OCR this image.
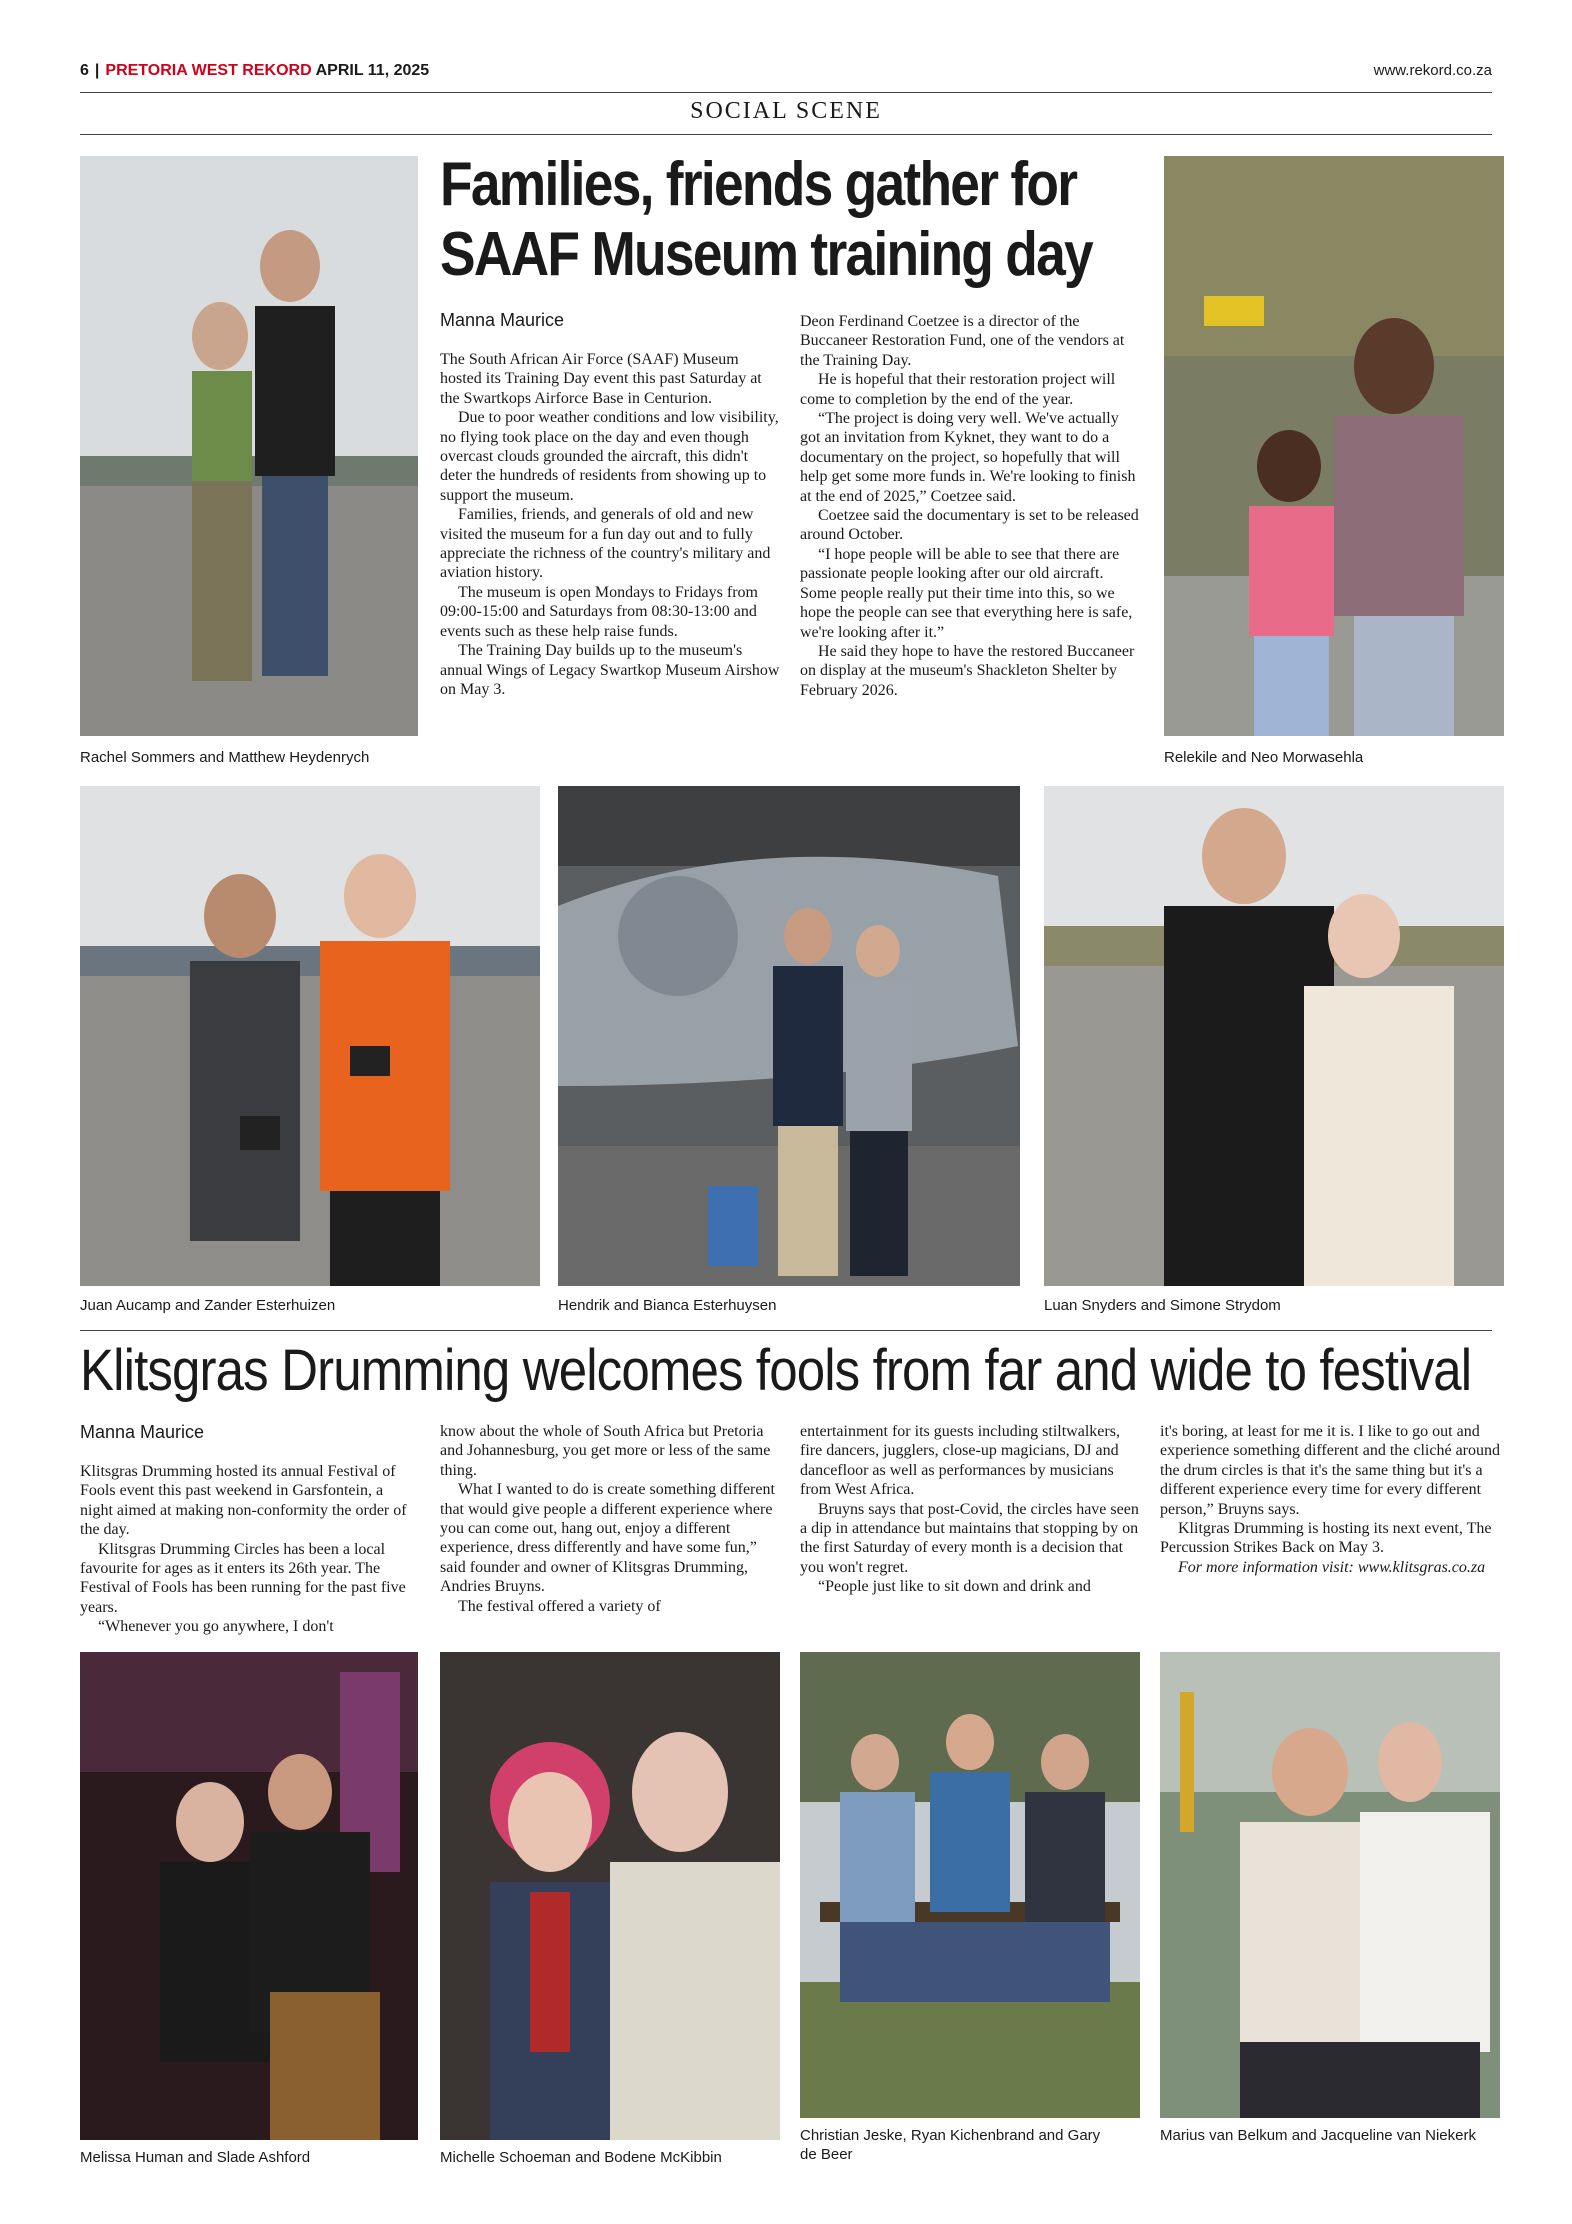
6 | PRETORIA WEST REKORD APRIL 11, 2025	www.rekord.co.za
SOCIAL SCENE
Rachel Sommers and Matthew Heydenrych	Relekile and Neo Morwasehla
Families, friends gather for SAAF Museum training day
Manna Maurice

The South African Air Force (SAAF) Museum hosted its Training Day event this past Saturday at the Swartkops Airforce Base in Centurion.

Due to poor weather conditions and low visibility, no flying took place on the day and even though overcast clouds grounded the aircraft, this didn't deter the hundreds of residents from showing up to support the museum.

Families, friends, and generals of old and new visited the museum for a fun day out and to fully appreciate the richness of the country's military and aviation history.

The museum is open Mondays to Fridays from 09:00-15:00 and Saturdays from 08:30-13:00 and events such as these help raise funds.

The Training Day builds up to the museum's annual Wings of Legacy Swartkop Museum Airshow on May 3.

Deon Ferdinand Coetzee is a director of the Buccaneer Restoration Fund, one of the vendors at the Training Day.

He is hopeful that their restoration project will come to completion by the end of the year.

“The project is doing very well. We've actually got an invitation from Kyknet, they want to do a documentary on the project, so hopefully that will help get some more funds in. We're looking to finish at the end of 2025,” Coetzee said.

Coetzee said the documentary is set to be released around October.

“I hope people will be able to see that there are passionate people looking after our old aircraft. Some people really put their time into this, so we hope the people can see that everything here is safe, we're looking after it.”

He said they hope to have the restored Buccaneer on display at the museum's Shackleton Shelter by February 2026.

Juan Aucamp and Zander Esterhuizen	Hendrik and Bianca Esterhuysen	Luan Snyders and Simone Strydom
Klitsgras Drumming welcomes fools from far and wide to festival
Manna Maurice

Klitsgras Drumming hosted its annual Festival of Fools event this past weekend in Garsfontein, a night aimed at making non-conformity the order of the day.

Klitsgras Drumming Circles has been a local favourite for ages as it enters its 26th year. The Festival of Fools has been running for the past five years.

“Whenever you go anywhere, I don't

know about the whole of South Africa but Pretoria and Johannesburg, you get more or less of the same thing.

What I wanted to do is create something different that would give people a different experience where you can come out, hang out, enjoy a different experience, dress differently and have some fun,” said founder and owner of Klitsgras Drumming, Andries Bruyns.

The festival offered a variety of

entertainment for its guests including stiltwalkers, fire dancers, jugglers, close-up magicians, DJ and dancefloor as well as performances by musicians from West Africa.

Bruyns says that post-Covid, the circles have seen a dip in attendance but maintains that stopping by on the first Saturday of every month is a decision that you won't regret.

“People just like to sit down and drink and

it's boring, at least for me it is. I like to go out and experience something different and the cliché around the drum circles is that it's the same thing but it's a different experience every time for every different person,” Bruyns says.

Klitgras Drumming is hosting its next event, The Percussion Strikes Back on May 3.

For more information visit: www.klitsgras.co.za

Melissa Human and Slade Ashford	Michelle Schoeman and Bodene McKibbin
Christian Jeske, Ryan Kichenbrand and Gary de Beer
Marius van Belkum and Jacqueline van Niekerk
